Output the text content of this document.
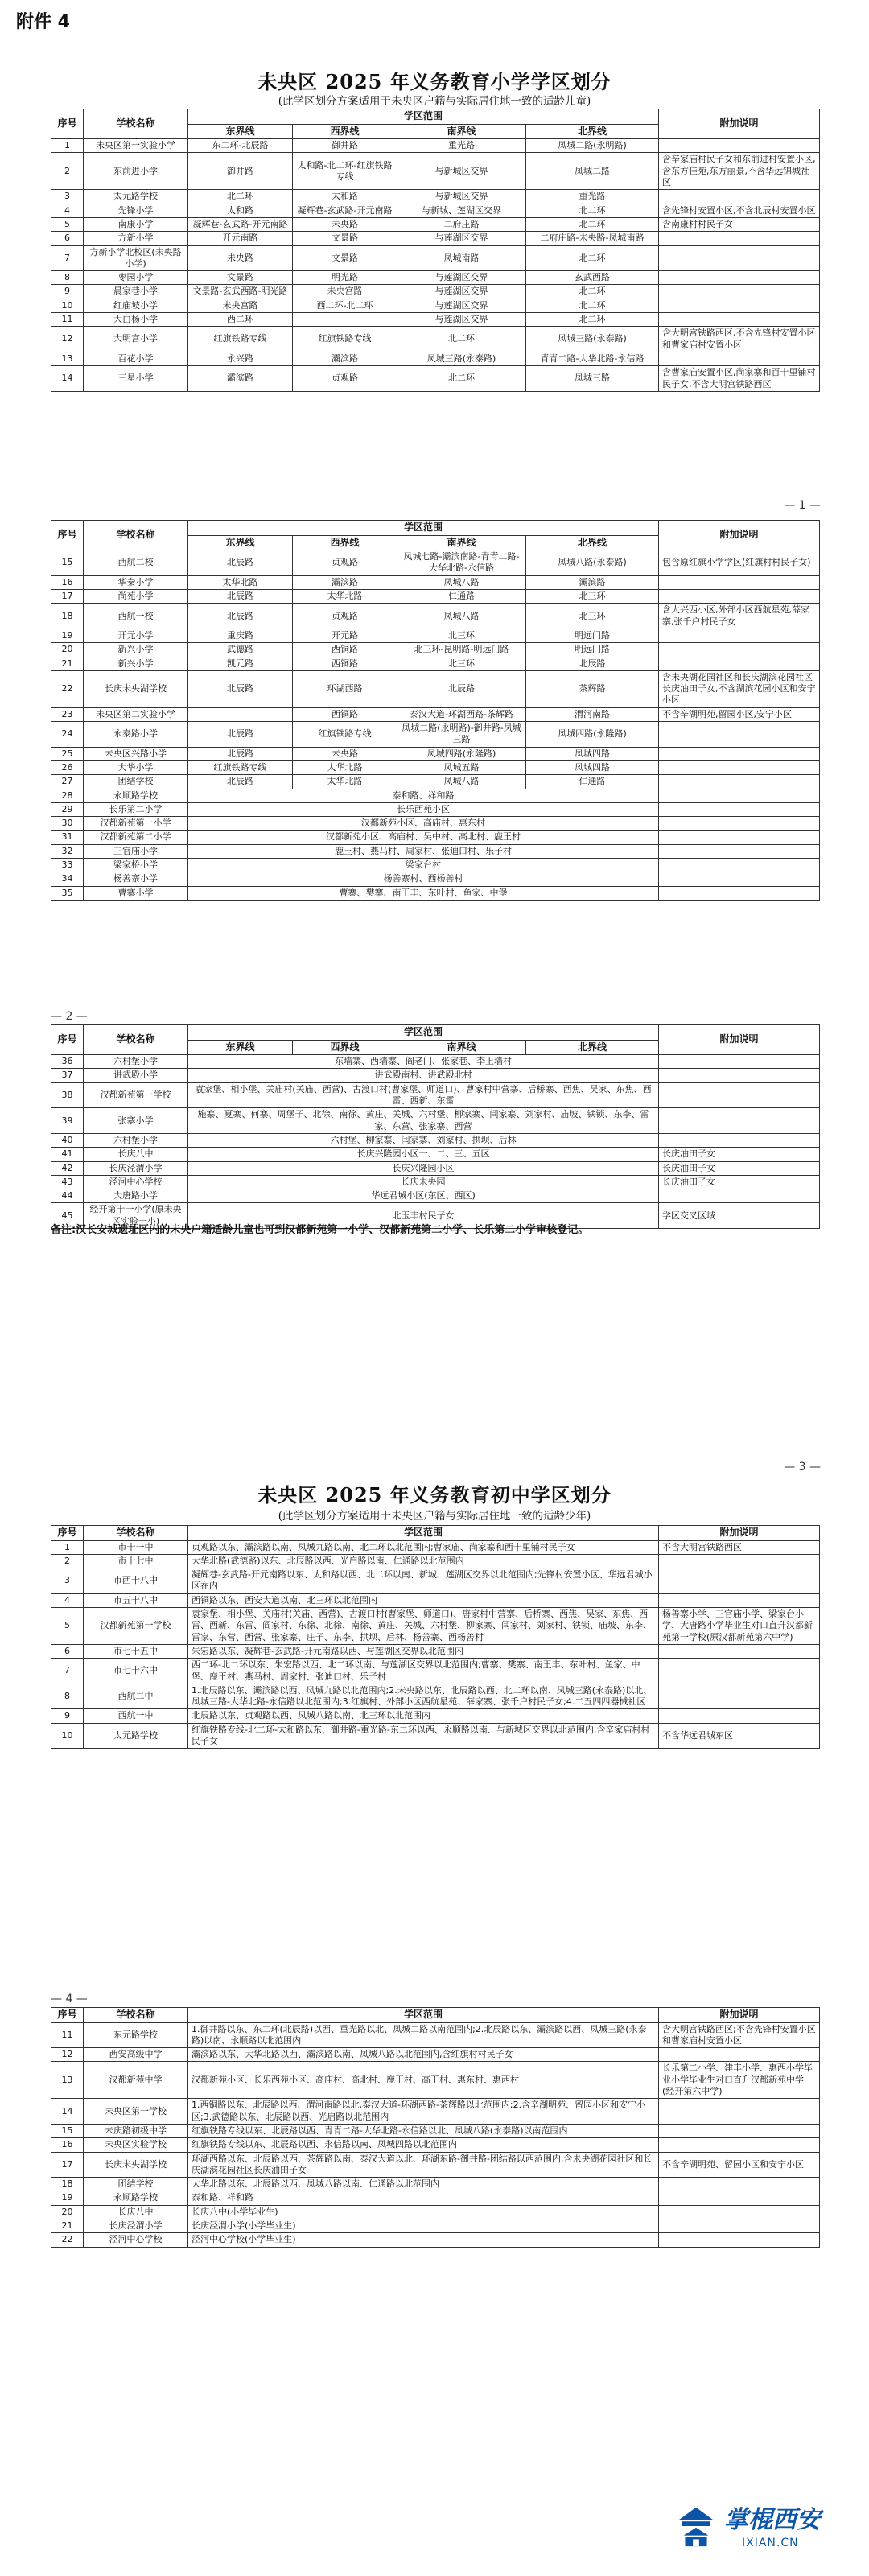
附件 4
未央区 2025 年义务教育小学学区划分
(此学区划分方案适用于未央区户籍与实际居住地一致的适龄儿童)
序号	学校名称	学区范围				附加说明
		东界线	西界线	南界线	北界线	
1	未央区第一实验小学	东二环-北辰路	御井路	重光路	凤城二路(永明路)	
2	东前进小学	御井路	太和路-北二环-红旗铁路专线	与新城区交界	凤城二路	含辛家庙村民子女和东前进村安置小区,含东方佳苑,东方丽景,不含华远锦城社区
3	太元路学校	北二环	太和路	与新城区交界	重光路	
4	先锋小学	太和路	凝辉巷-玄武路-开元南路	与新城、莲湖区交界	北二环	含先锋村安置小区,不含北辰村安置小区
5	南康小学	凝辉巷-玄武路-开元南路	未央路	二府庄路	北二环	含南康村村民子女
6	方新小学	开元南路	文景路	与莲湖区交界	二府庄路-未央路-凤城南路	
7	方新小学北校区(未央路小学)	未央路	文景路	凤城南路	北二环	
8	枣园小学	文景路	明光路	与莲湖区交界	玄武西路	
9	晨家巷小学	文景路-玄武西路-明光路	未央宫路	与莲湖区交界	北二环	
10	红庙坡小学	未央宫路	西二环-北二环	与莲湖区交界	北二环	
11	大白杨小学	西二环		与莲湖区交界	北二环	
12	大明宫小学	红旗铁路专线	红旗铁路专线	北二环	凤城三路(永泰路)	含大明宫铁路西区,不含先锋村安置小区和曹家庙村安置小区
13	百花小学	永兴路	灞滨路	凤城三路(永泰路)	青青二路-大华北路-永信路	
14	三星小学	灞滨路	贞观路	北二环	凤城三路	含曹家庙安置小区,尚家寨和百十里铺村民子女,不含大明宫铁路西区
— 1 —
序号	学校名称	学区范围				附加说明
		东界线	西界线	南界线	北界线	
15	西航二校	北辰路	贞观路	凤城七路-灞滨南路-青青二路-大华北路-永信路	凤城八路(永泰路)	包含原红旗小学学区(红旗村村民子女)
16	华秦小学	太华北路	灞滨路	凤城八路	灞滨路	
17	尚苑小学	北辰路	太华北路	仁通路	北三环	
18	西航一校	北辰路	贞观路	凤城八路	北三环	含大兴西小区,外部小区西航星苑,薛家寨,张千户村民子女
19	开元小学	重庆路	开元路	北三环	明远门路	
20	新兴小学	武德路	西铜路	北三环-昆明路-明远门路	明远门路	
21	新兴小学	凯元路	西铜路	北三环	北辰路	
22	长庆未央湖学校	北辰路	环湖西路	北辰路	茶辉路	含未央湖花园社区和长庆湖滨花园社区长庆油田子女,不含湖滨花园小区和安宁小区
23	未央区第二实验小学		西铜路	泰汉大道-环湖西路-茶辉路	渭河南路	不含辛湖明苑,留园小区,安宁小区
24	永泰路小学	北辰路	红旗铁路专线	凤城二路(永明路)-御井路-凤城三路	凤城四路(永隆路)	
25	未央区兴路小学	北辰路	未央路	凤城四路(永隆路)	凤城四路	
26	大华小学	红旗铁路专线	太华北路	凤城五路	凤城四路	
27	团结学校	北辰路	太华北路	凤城八路	仁通路	
28	永顺路学校	泰和路、祥和路				
29	长乐第二小学	长乐西苑小区				
30	汉都新苑第一小学	汉都新苑小区、高庙村、惠东村				
31	汉都新苑第二小学	汉都新苑小区、高庙村、吴中村、高北村、鹿王村				
32	三官庙小学	鹿王村、燕马村、周家村、张迪口村、乐子村				
33	梁家桥小学	梁家台村				
34	杨善寨小学	杨善寨村、西杨善村				
35	曹寨小学	曹寨、樊寨、南王丰、东叶村、鱼家、中堡				
— 2 —
序号	学校名称	学区范围				附加说明
		东界线	西界线	南界线	北界线	
36	六村堡小学	东墙寨、西墙寨、阎老门、张家巷、李上墙村				
37	讲武殿小学	讲武殿南村、讲武殿北村				
38	汉都新苑第一学校	袁家堡、相小堡、关庙村(关庙、西营)、古渡口村(曹家堡、师道口)、曹家村中营寨、后桥寨、西焦、吴家、东焦、西雷、西新、东雷				
39	张寨小学	施寨、夏寨、何寨、周堡子、北徐、南徐、黄庄、关城、六村堡、柳家寨、闫家寨、刘家村、庙坡、铁锁、东李、雷家、东营、张家寨、西营				
40	六村堡小学	六村堡、柳家寨、闫家寨、刘家村、拱坝、后林				
41	长庆八中	长庆兴隆园小区一、二、三、五区				长庆油田子女
42	长庆泾渭小学	长庆兴隆园小区				长庆油田子女
43	泾河中心学校	长庆未央园				长庆油田子女
44	大唐路小学	华远君城小区(东区、西区)				
45	经开第十一小学(原未央区实验一小)	北玉丰村民子女				学区交叉区域
备注:汉长安城遗址区内的未央户籍适龄儿童也可到汉都新苑第一小学、汉都新苑第二小学、长乐第二小学审核登记。
— 3 —
未央区 2025 年义务教育初中学区划分
(此学区划分方案适用于未央区户籍与实际居住地一致的适龄少年)
序号	学校名称	学区范围	附加说明
1	市十一中	贞观路以东、灞滨路以南、凤城九路以南、北二环以北范围内;曹家庙、尚家寨和西十里铺村民子女	不含大明宫铁路西区
2	市十七中	大华北路(武德路)以东、北辰路以西、光启路以南、仁通路以北范围内	
3	市西十八中	凝辉巷-玄武路-开元南路以东、太和路以西、北二环以南、新城、莲湖区交界以北范围内;先锋村安置小区、华远君城小区在内	
4	市五十八中	西铜路以东、西安大道以南、北三环以北范围内	
5	汉都新苑第一学校	袁家堡、相小堡、关庙村(关庙、西营)、古渡口村(曹家堡、师道口)、唐家村中营寨、后桥寨、西焦、吴家、东焦、西雷、西新、东雷、阎家村、东徐、北徐、南徐、黄庄、关城、六村堡、柳家寨、闫家村、刘家村、铁锁、庙坡、东李、雷家、东营、西营、张家寨、庄子、东李、拱坝、后林、杨善寨、西杨善村	杨善寨小学、三官庙小学、梁家台小学、大唐路小学毕业生对口直升汉都新苑第一学校(原汉都新苑第六中学)
6	市七十五中	朱宏路以东、凝辉巷-玄武路-开元南路以西、与莲湖区交界以北范围内	
7	市七十六中	西二环-北二环以东、朱宏路以西、北二环以南、与莲湖区交界以北范围内;曹寨、樊寨、南王丰、东叶村、鱼家、中堡、鹿王村、燕马村、周家村、张迪口村、乐子村	
8	西航二中	1.北辰路以东、灞滨路以西、凤城九路以北范围内;2.未央路以东、北辰路以西、北二环以南、凤城三路(永泰路)以北、凤城三路-大华北路-永信路以北范围内;3.红旗村、外部小区西航星苑、薛家寨、张千户村民子女;4.二五四四器械社区	
9	西航一中	北辰路以东、贞观路以西、凤城八路以南、北三环以北范围内	
10	太元路学校	红旗铁路专线-北二环-太和路以东、御井路-重光路-东二环以西、永顺路以南、与新城区交界以北范围内,含辛家庙村村民子女	不含华远君城东区
— 4 —
序号	学校名称	学区范围	附加说明
11	东元路学校	1.御井路以东、东二环(北辰路)以西、重光路以北、凤城二路以南范围内;2.北辰路以东、灞滨路以西、凤城三路(永泰路)以南、永顺路以北范围内	含大明宫铁路西区;不含先锋村安置小区和曹家庙村安置小区
12	西安高级中学	灞滨路以东、大华北路以西、灞滨路以南、凤城八路以北范围内,含红旗村村民子女	
13	汉都新苑中学	汉都新苑小区、长乐西苑小区、高庙村、高北村、鹿王村、高王村、惠东村、惠西村	长乐第二小学、建丰小学、惠西小学毕业小学毕业生对口直升汉都新苑中学(经开第六中学)
14	未央区第一学校	1.西铜路以东、北辰路以西、渭河南路以北,泰汉大道-环湖西路-茶辉路以北范围内;2.含辛湖明苑、留园小区和安宁小区;3.武德路以东、北辰路以西、光启路以北范围内	
15	未庆路初级中学	红旗铁路专线以东、北辰路以西、青青二路-大华北路-永信路以北、凤城八路(永泰路)以南范围内	
16	未央区实验学校	红旗铁路专线以东、北辰路以西、永信路以南、凤城四路以北范围内	
17	长庆未央湖学校	环湖西路以东、北辰路以西、茶辉路以南、泰汉大道以北、环湖东路-御井路-团结路以西范围内,含未央湖花园社区和长庆湖滨花园社区长庆油田子女	不含辛湖明苑、留园小区和安宁小区
18	团结学校	大华北路以东、北辰路以西、凤城八路以南、仁通路以北范围内	
19	永顺路学校	泰和路、祥和路	
20	长庆八中	长庆八中(小学毕业生)	
21	长庆泾渭小学	长庆泾渭小学(小学毕业生)	
22	泾河中心学校	泾河中心学校(小学毕业生)	
掌棍西安
IXIAN.CN
